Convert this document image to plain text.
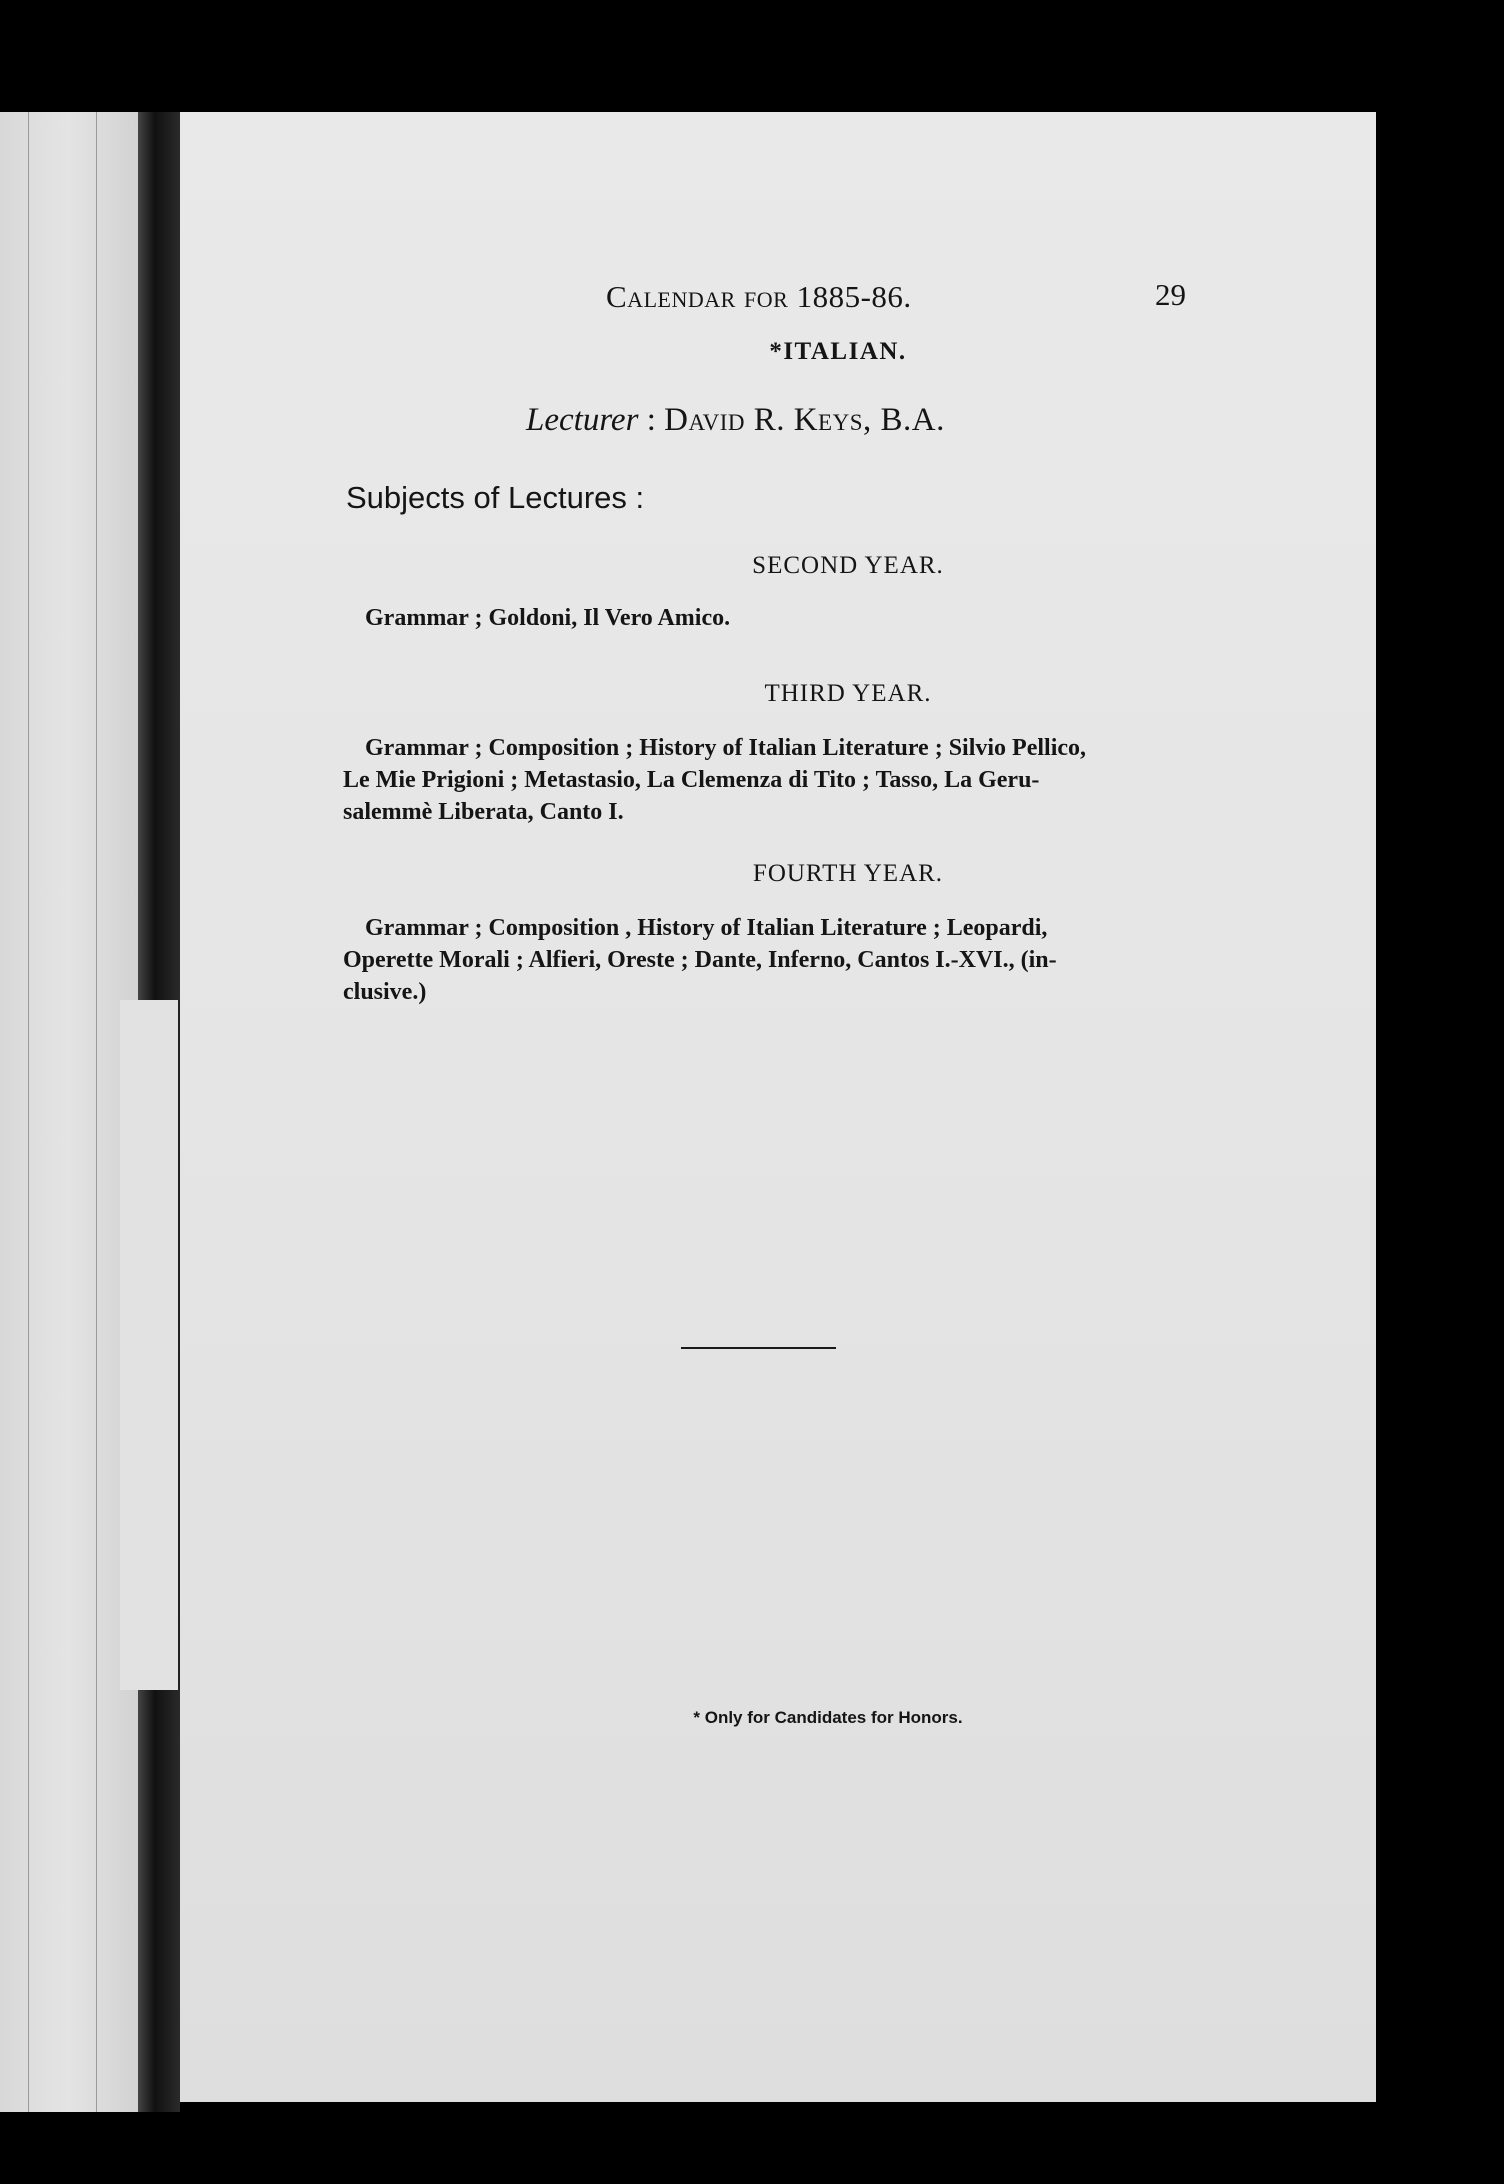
Calendar for 1885-86.	29
*ITALIAN.
Lecturer : David R. Keys, B.A.
Subjects of Lectures :
SECOND YEAR.
Grammar ; Goldoni, Il Vero Amico.
THIRD YEAR.
Grammar ; Composition ; History of Italian Literature ; Silvio Pellico,
Le Mie Prigioni ; Metastasio, La Clemenza di Tito ; Tasso, La Geru-
salemmè Liberata, Canto I.
FOURTH YEAR.
Grammar ; Composition , History of Italian Literature ; Leopardi,
Operette Morali ; Alfieri, Oreste ; Dante, Inferno, Cantos I.-XVI., (in-
clusive.)
* Only for Candidates for Honors.
